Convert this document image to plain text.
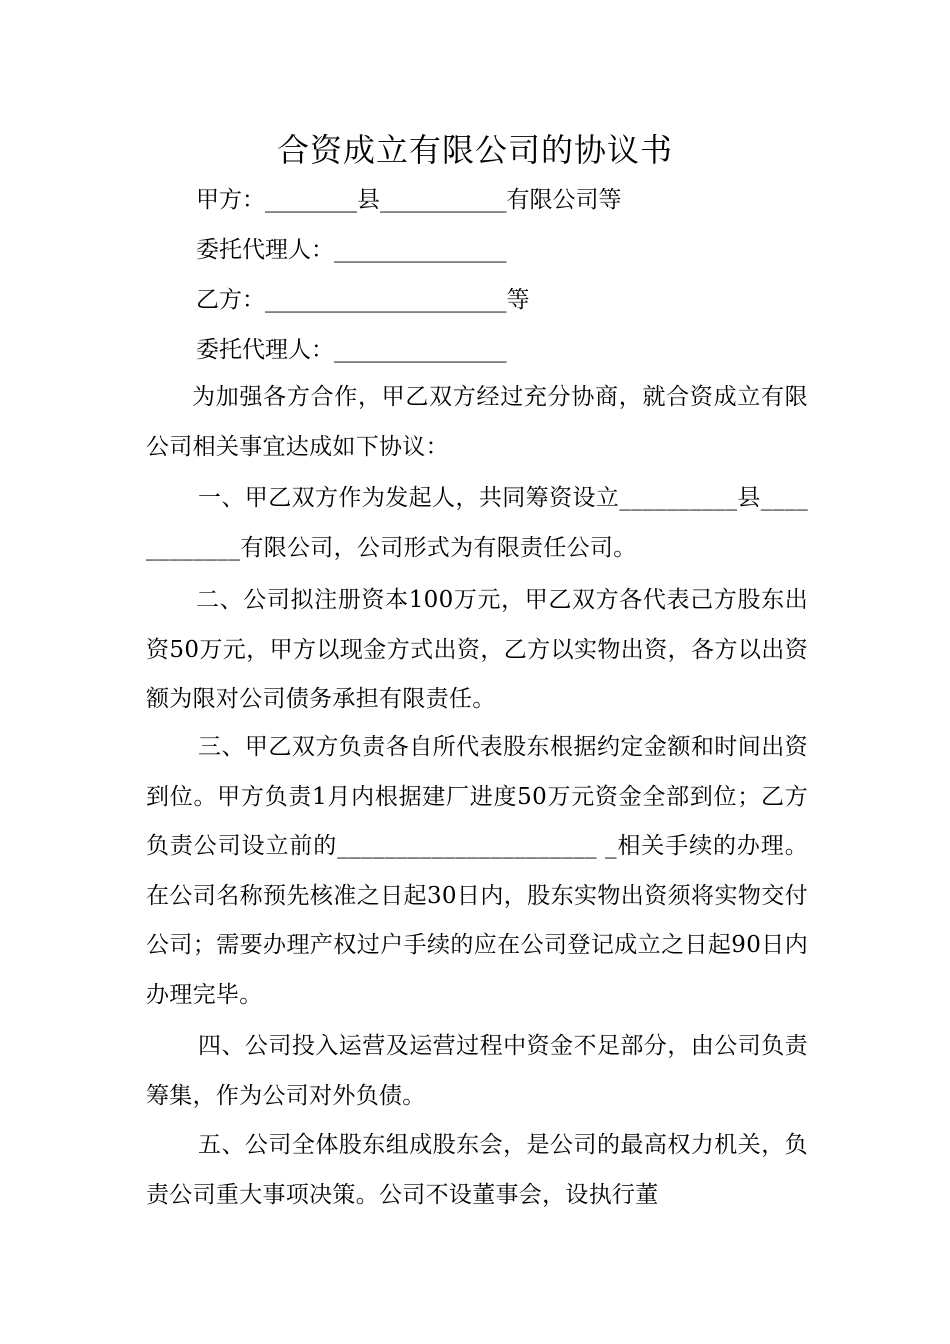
合资成立有限公司的协议书
甲方：________县___________有限公司等
委托代理人：_______________
乙方：_____________________等
委托代理人：_______________

为加强各方合作，甲乙双方经过充分协商，就合资成立有限公司相关事宜达成如下协议：

一、甲乙双方作为发起人，共同筹资设立__________县____________有限公司，公司形式为有限责任公司。

二、公司拟注册资本100万元，甲乙双方各代表己方股东出资50万元，甲方以现金方式出资，乙方以实物出资，各方以出资额为限对公司债务承担有限责任。

三、甲乙双方负责各自所代表股东根据约定金额和时间出资到位。甲方负责1月内根据建厂进度50万元资金全部到位；乙方负责公司设立前的______________________ _相关手续的办理。在公司名称预先核准之日起30日内，股东实物出资须将实物交付公司；需要办理产权过户手续的应在公司登记成立之日起90日内办理完毕。

四、公司投入运营及运营过程中资金不足部分，由公司负责筹集，作为公司对外负债。

五、公司全体股东组成股东会，是公司的最高权力机关，负责公司重大事项决策。公司不设董事会，设执行董
